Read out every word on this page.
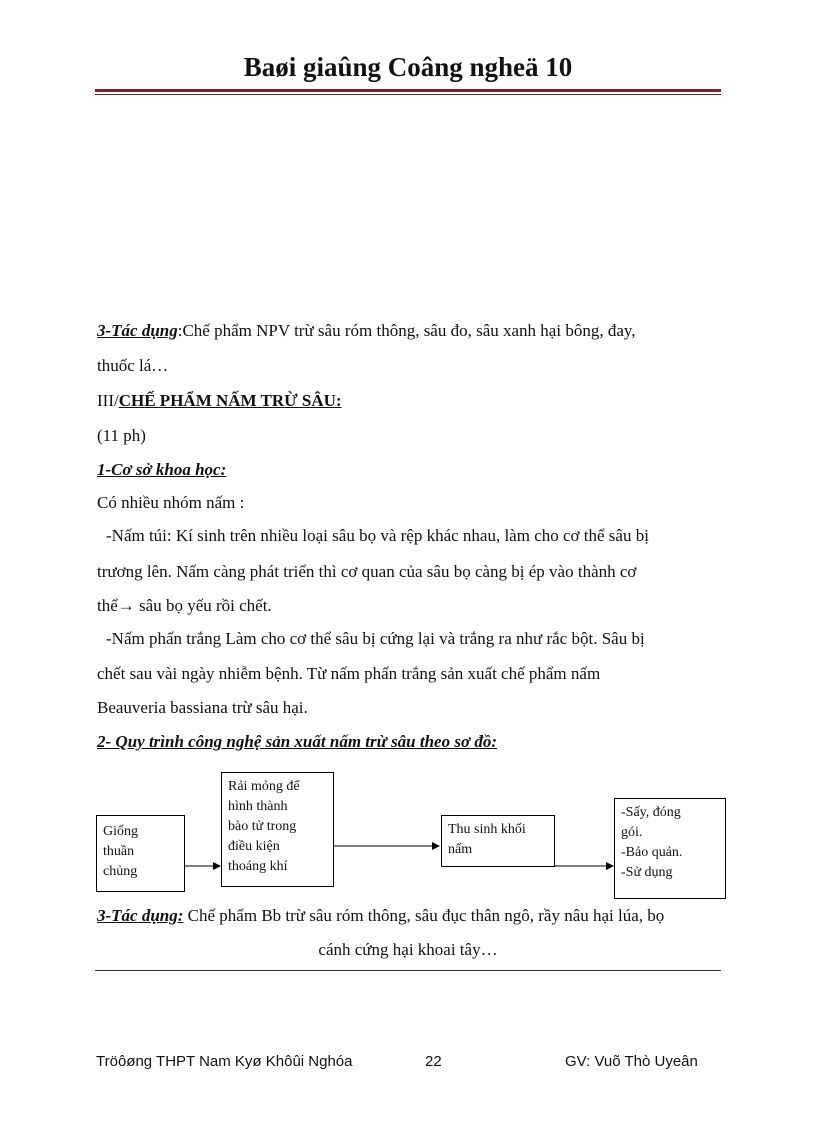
Baøi giaûng Coâng ngheä 10
3-Tác dụng:Chế phẩm NPV trừ sâu róm thông, sâu đo, sâu xanh hại bông, đay,
thuốc lá…
III/CHẾ PHẨM NẤM TRỪ SÂU:
(11 ph)
1-Cơ sở khoa học:
Có nhiều nhóm nấm :
-Nấm túi: Kí sinh trên nhiều loại sâu bọ và rệp khác nhau, làm cho cơ thể sâu bị
trương lên. Nấm càng phát triển thì cơ quan của sâu bọ càng bị ép vào thành cơ
thể→ sâu bọ yếu rồi chết.
-Nấm phấn trắng Làm cho cơ thể sâu bị cứng lại và trắng ra như rắc bột. Sâu bị
chết sau vài ngày nhiễm bệnh. Từ nấm phấn trắng sản xuất chế phẩm nấm
Beauveria bassiana trừ sâu hại.
2- Quy trình công nghệ sản xuất nấm trừ sâu theo sơ đồ:
Giống
thuần
chủng
Rải mỏng để
hình thành
bào tử trong
điều kiện
thoáng khí
Thu sinh khối
nấm
-Sấy, đóng
gói.
-Bảo quản.
-Sử dụng
3-Tác dụng: Chế phẩm Bb trừ sâu róm thông, sâu đục thân ngô, rầy nâu hại lúa, bọ
cánh cứng hại khoai tây…
Tröôøng THPT Nam Kyø Khôûi Nghóa	22	GV: Vuõ Thò Uyeân
